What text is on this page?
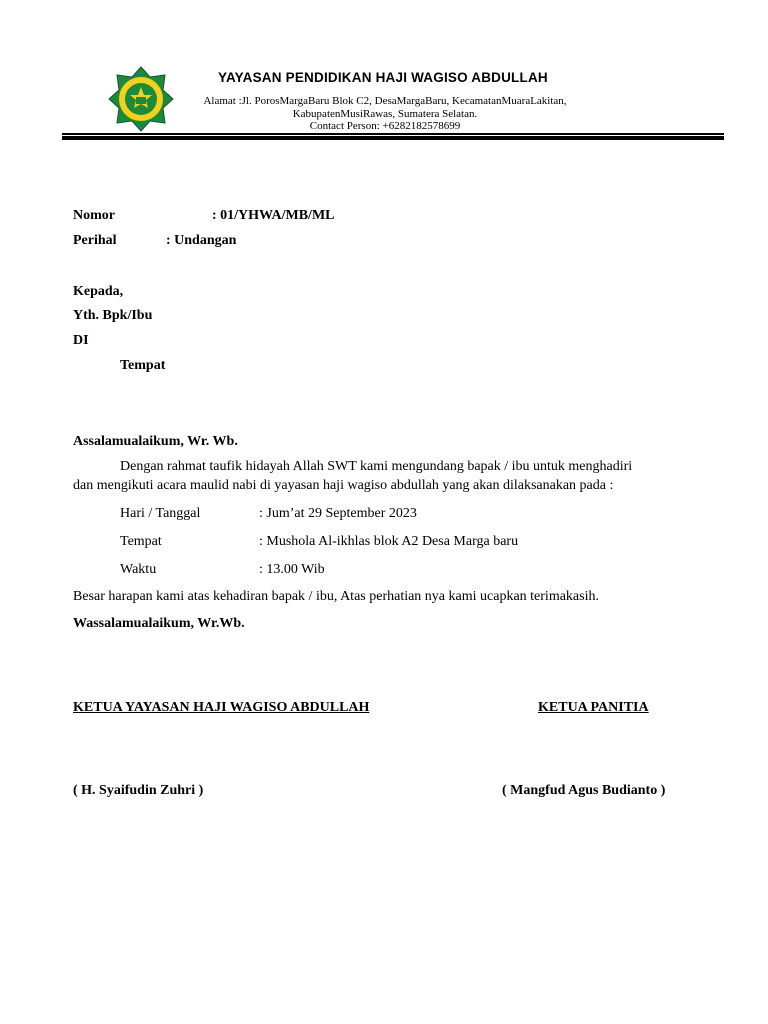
YAYASAN PENDIDIKAN HAJI WAGISO ABDULLAH
Alamat :Jl. PorosMargaBaru Blok C2, DesaMargaBaru, KecamatanMuaraLakitan,
KabupatenMusiRawas, Sumatera Selatan.
Contact Person: +6282182578699
Nomor	: 01/YHWA/MB/ML
Perihal	: Undangan
Kepada,
Yth. Bpk/Ibu
DI
Tempat
Assalamualaikum, Wr. Wb.
Dengan rahmat taufik hidayah Allah SWT kami mengundang bapak / ibu untuk menghadiri
dan mengikuti acara maulid nabi di yayasan haji wagiso abdullah yang akan dilaksanakan pada :
Hari / Tanggal	: Jum’at 29 September 2023
Tempat	: Mushola Al-ikhlas blok A2 Desa Marga baru
Waktu	: 13.00 Wib
Besar harapan kami atas kehadiran bapak / ibu, Atas perhatian nya kami ucapkan terimakasih.
Wassalamualaikum, Wr.Wb.
KETUA YAYASAN HAJI WAGISO ABDULLAH	KETUA PANITIA
( H. Syaifudin Zuhri )	( Mangfud Agus Budianto )
